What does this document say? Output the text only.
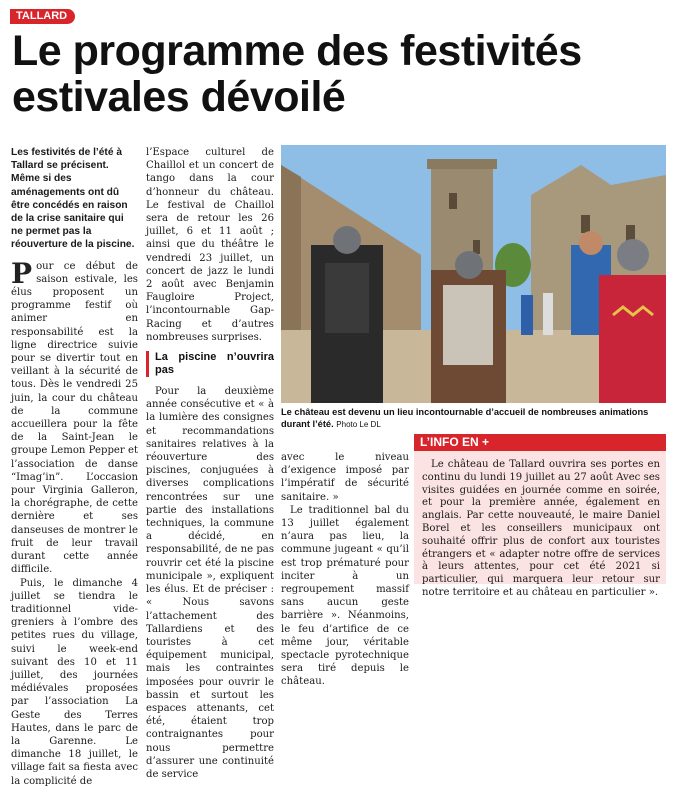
TALLARD
Le programme des festivités
estivales dévoilé
Les festivités de l’été à Tallard se précisent. Même si des aménagements ont dû être concédés en raison de la crise sanitaire qui ne permet pas la réouverture de la piscine.

Pour ce début de saison estivale, les élus proposent un programme festif où animer en responsabilité est la ligne directrice suivie pour se divertir tout en veillant à la sécurité de tous. Dès le vendredi 25 juin, la cour du château de la commune accueillera pour la fête de la Saint-Jean le groupe Lemon Pepper et l’association de danse “Imag’in”. L’occasion pour Virginia Galleron, la chorégraphe, de cette dernière et ses danseuses de montrer le fruit de leur travail durant cette année difficile.

Puis, le dimanche 4 juillet se tiendra le traditionnel vide-greniers à l’ombre des petites rues du village, suivi le week-end suivant des 10 et 11 juillet, des journées médiévales proposées par l’association La Geste des Terres Hautes, dans le parc de la Garenne. Le dimanche 18 juillet, le village fait sa fiesta avec la complicité de

l’Espace culturel de Chaillol et un concert de tango dans la cour d’honneur du château. Le festival de Chaillol sera de retour les 26 juillet, 6 et 11 août ; ainsi que du théâtre le vendredi 23 juillet, un concert de jazz le lundi 2 août avec Benjamin Faugloire Project, l’incontournable Gap-Racing et d’autres nombreuses surprises.

La piscine n’ouvrira pas

Pour la deuxième année consécutive et « à la lumière des consignes et recommandations sanitaires relatives à la réouverture des piscines, conjuguées à diverses complications rencontrées sur une partie des installations techniques, la commune a décidé, en responsabilité, de ne pas rouvrir cet été la piscine municipale », expliquent les élus. Et de préciser : « Nous savons l’attachement des Tallardiens et des touristes à cet équipement municipal, mais les contraintes imposées pour ouvrir le bassin et surtout les espaces attenants, cet été, étaient trop contraignantes pour nous permettre d’assurer une continuité de service

Le château est devenu un lieu incontournable d’accueil de nombreuses animations durant l’été. Photo Le DL

avec le niveau d’exigence imposé par l’impératif de sécurité sanitaire. »

Le traditionnel bal du 13 juillet également n’aura pas lieu, la commune jugeant « qu’il est trop prématuré pour inciter à un regroupement massif sans aucun geste barrière ». Néanmoins, le feu d’artifice de ce même jour, véritable spectacle pyrotechnique sera tiré depuis le château.

L’INFO EN +
Le château de Tallard ouvrira ses portes en continu du lundi 19 juillet au 27 août Avec ses visites guidées en journée comme en soirée, et pour la première année, également en anglais. Par cette nouveauté, le maire Daniel Borel et les conseillers municipaux ont souhaité offrir plus de confort aux touristes étrangers et « adapter notre offre de services à leurs attentes, pour cet été 2021 si particulier, qui marquera leur retour sur notre territoire et au château en particulier ».
